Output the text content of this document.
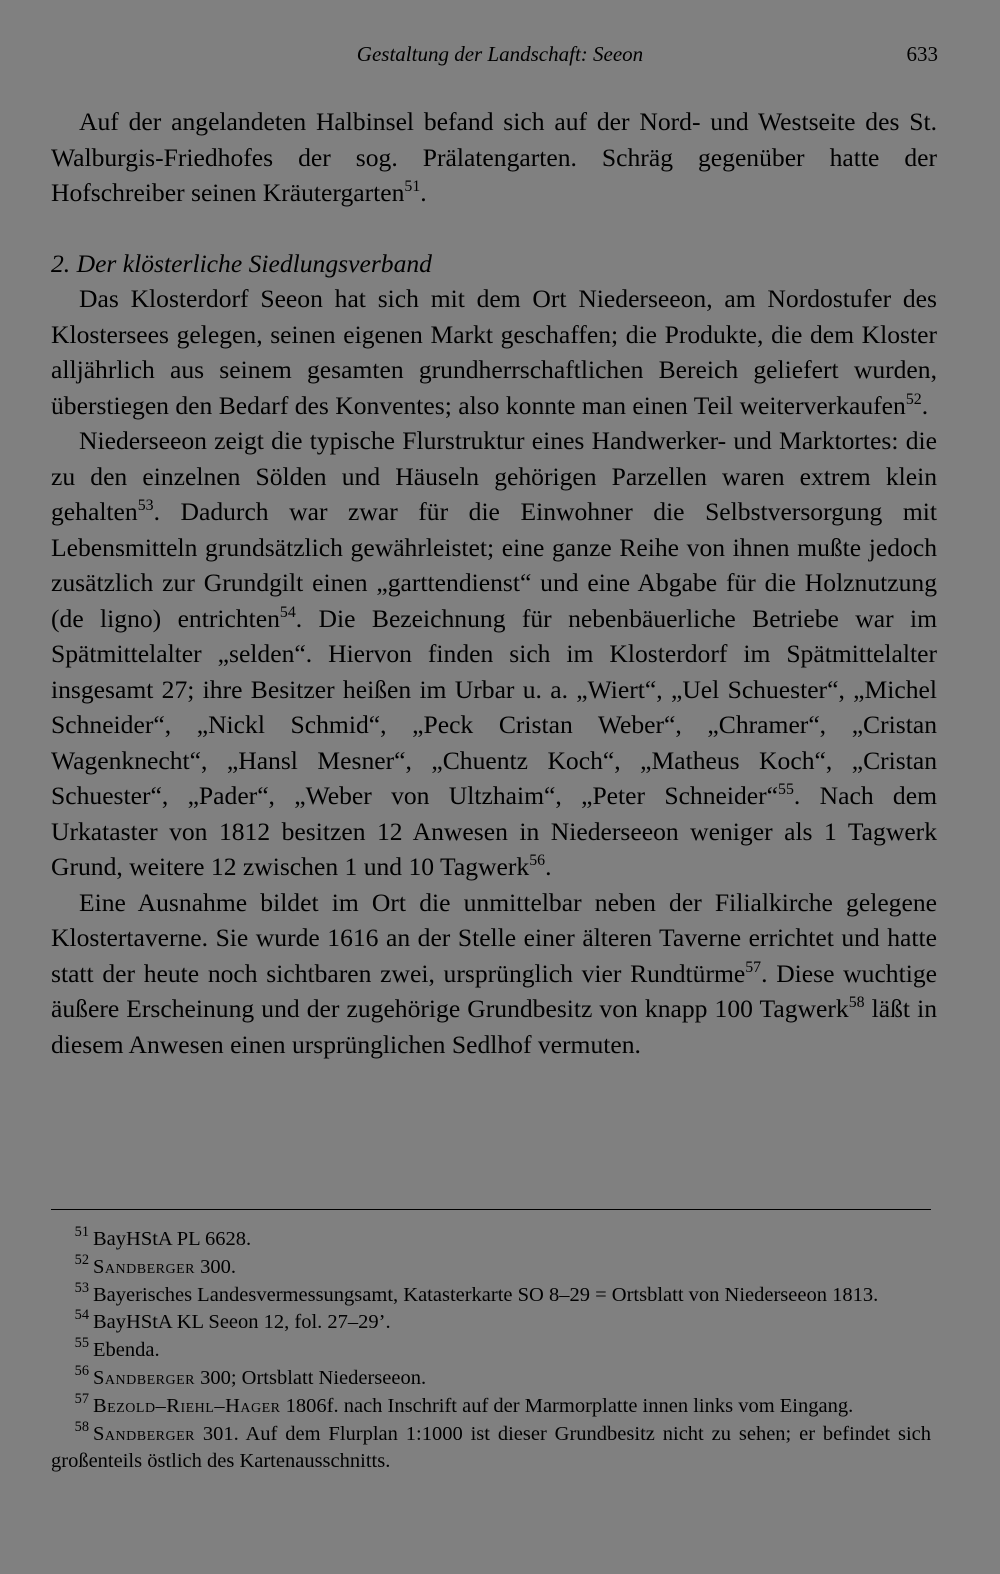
Gestaltung der Landschaft: Seeon	633

Auf der angelandeten Halbinsel befand sich auf der Nord- und Westseite des St. Walburgis-Friedhofes der sog. Prälatengarten. Schräg gegenüber hatte der Hofschreiber seinen Kräutergarten$^{51}$.

2. Der klösterliche Siedlungsverband

Das Klosterdorf Seeon hat sich mit dem Ort Niederseeon, am Nordostufer des Klostersees gelegen, seinen eigenen Markt geschaffen; die Produkte, die dem Kloster alljährlich aus seinem gesamten grundherrschaftlichen Bereich geliefert wurden, überstiegen den Bedarf des Konventes; also konnte man einen Teil weiterverkaufen$^{52}$.

Niederseeon zeigt die typische Flurstruktur eines Handwerker- und Marktortes: die zu den einzelnen Sölden und Häuseln gehörigen Parzellen waren extrem klein gehalten$^{53}$. Dadurch war zwar für die Einwohner die Selbstversorgung mit Lebensmitteln grundsätzlich gewährleistet; eine ganze Reihe von ihnen mußte jedoch zusätzlich zur Grundgilt einen „garttendienst“ und eine Abgabe für die Holznutzung (de ligno) entrichten$^{54}$. Die Bezeichnung für nebenbäuerliche Betriebe war im Spätmittelalter „selden“. Hiervon finden sich im Klosterdorf im Spätmittelalter insgesamt 27; ihre Besitzer heißen im Urbar u. a. „Wiert“, „Uel Schuester“, „Michel Schneider“, „Nickl Schmid“, „Peck Cristan Weber“, „Chramer“, „Cristan Wagenknecht“, „Hansl Mesner“, „Chuentz Koch“, „Matheus Koch“, „Cristan Schuester“, „Pader“, „Weber von Ultzhaim“, „Peter Schneider“$^{55}$. Nach dem Urkataster von 1812 besitzen 12 Anwesen in Niederseeon weniger als 1 Tagwerk Grund, weitere 12 zwischen 1 und 10 Tagwerk$^{56}$.

Eine Ausnahme bildet im Ort die unmittelbar neben der Filialkirche gelegene Klostertaverne. Sie wurde 1616 an der Stelle einer älteren Taverne errichtet und hatte statt der heute noch sichtbaren zwei, ursprünglich vier Rundtürme$^{57}$. Diese wuchtige äußere Erscheinung und der zugehörige Grundbesitz von knapp 100 Tagwerk$^{58}$ läßt in diesem Anwesen einen ursprünglichen Sedlhof vermuten.

$^{51}$ BayHStA PL 6628.

$^{52}$ Sandberger 300.

$^{53}$ Bayerisches Landesvermessungsamt, Katasterkarte SO 8–29 = Ortsblatt von Niederseeon 1813.

$^{54}$ BayHStA KL Seeon 12, fol. 27–29’.

$^{55}$ Ebenda.

$^{56}$ Sandberger 300; Ortsblatt Niederseeon.

$^{57}$ Bezold–Riehl–Hager 1806f. nach Inschrift auf der Marmorplatte innen links vom Eingang.

$^{58}$ Sandberger 301. Auf dem Flurplan 1:1000 ist dieser Grundbesitz nicht zu sehen; er befindet sich großenteils östlich des Kartenausschnitts.
